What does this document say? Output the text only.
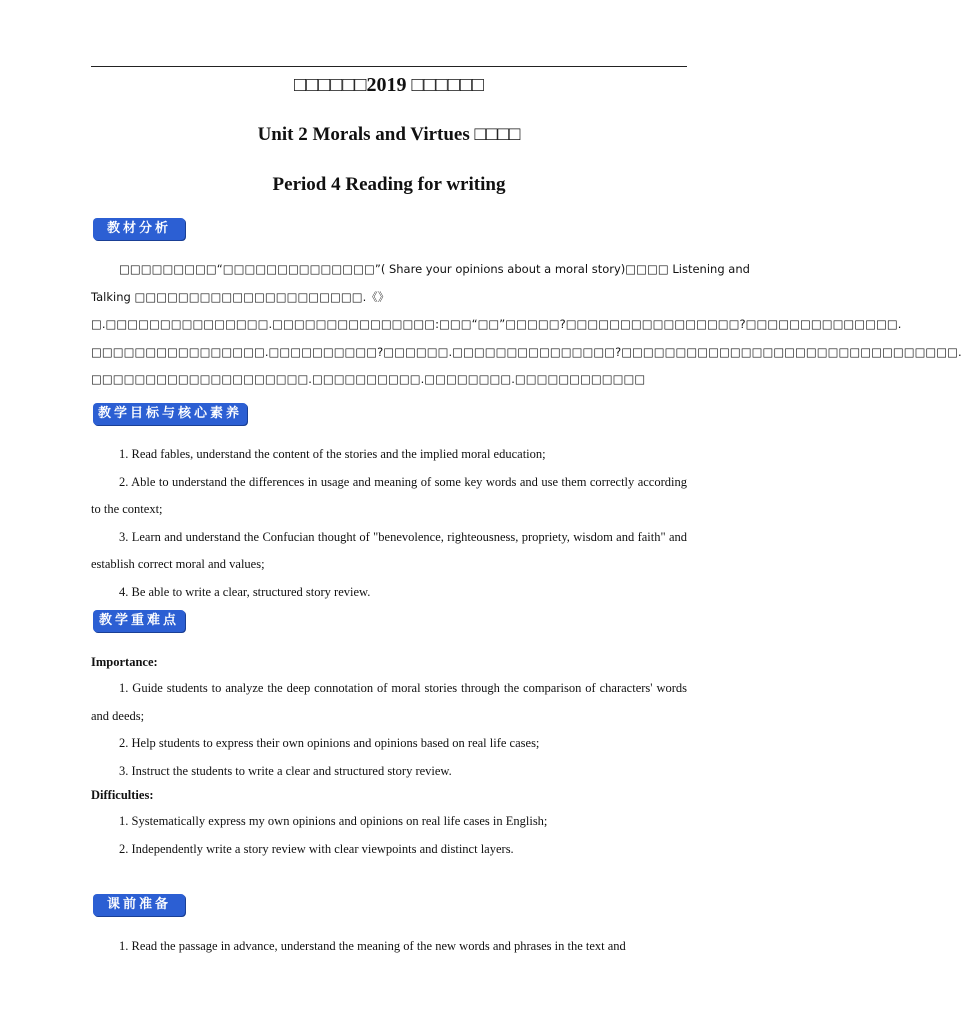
□□□□□□2019 □□□□□□
Unit 2 Morals and Virtues □□□□
Period 4 Reading for writing
教材分析

□□□□□□□□□“□□□□□□□□□□□□□□”( Share your opinions about a moral story)□□□□ Listening and

Talking □□□□□□□□□□□□□□□□□□□□□.《》

□.□□□□□□□□□□□□□□□.□□□□□□□□□□□□□□□:□□□“□□”□□□□□?□□□□□□□□□□□□□□□□?□□□□□□□□□□□□□□.

□□□□□□□□□□□□□□□□.□□□□□□□□□□?□□□□□□.□□□□□□□□□□□□□□□?□□□□□□□□□□□□□□□□□□□□□□□□□□□□□□□.

□□□□□□□□□□□□□□□□□□□□.□□□□□□□□□□.□□□□□□□□.□□□□□□□□□□□□

教学目标与核心素养

1. Read fables, understand the content of the stories and the implied moral education;

2. Able to understand the differences in usage and meaning of some key words and use them correctly according to the context;

3. Learn and understand the Confucian thought of "benevolence, righteousness, propriety, wisdom and faith" and establish correct moral and values;

4. Be able to write a clear, structured story review.

教学重难点
Importance:

1. Guide students to analyze the deep connotation of moral stories through the comparison of characters' words and deeds;

2. Help students to express their own opinions and opinions based on real life cases;

3. Instruct the students to write a clear and structured story review.

Difficulties:

1. Systematically express my own opinions and opinions on real life cases in English;

2. Independently write a story review with clear viewpoints and distinct layers.

课前准备

1. Read the passage in advance, understand the meaning of the new words and phrases in the text and
